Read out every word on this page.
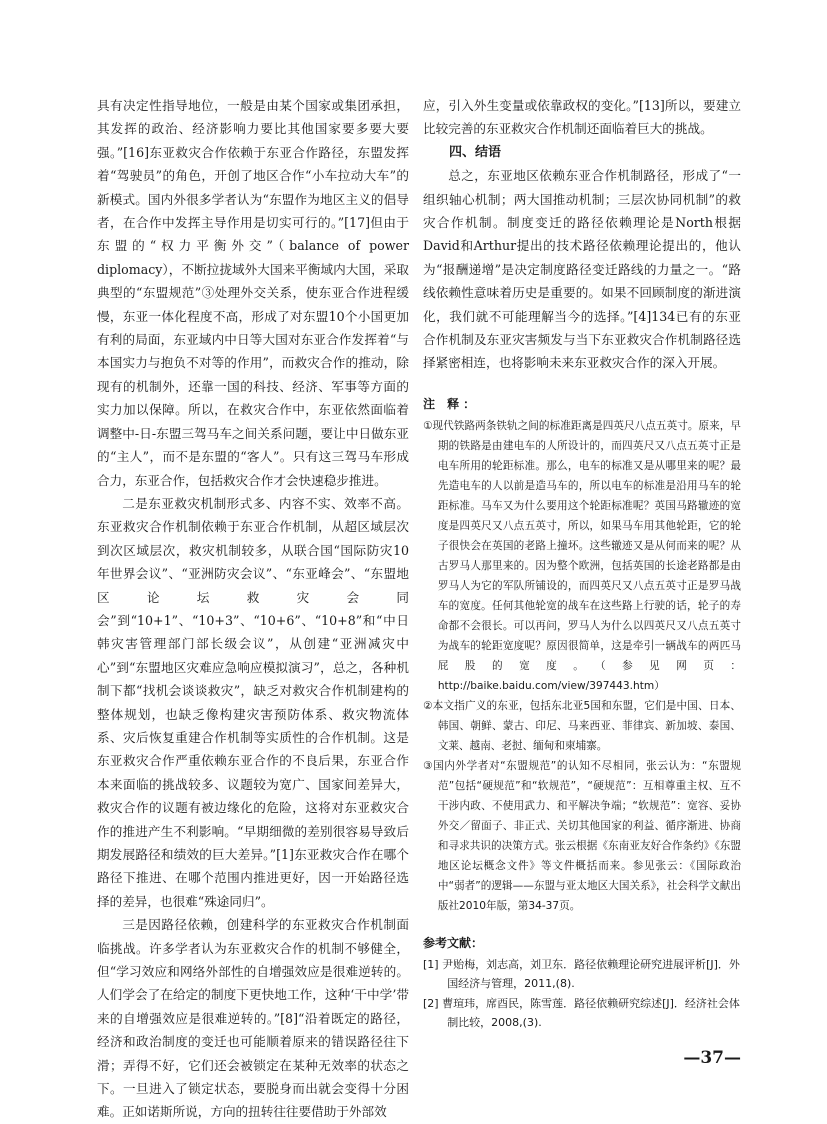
具有决定性指导地位，一般是由某个国家或集团承担，其发挥的政治、经济影响力要比其他国家要多要大要强。”[16]东亚救灾合作依赖于东亚合作路径，东盟发挥着“驾驶员”的角色，开创了地区合作“小车拉动大车”的新模式。国内外很多学者认为“东盟作为地区主义的倡导者，在合作中发挥主导作用是切实可行的。”[17]但由于东盟的“权力平衡外交”（balance of power diplomacy），不断拉拢域外大国来平衡域内大国，采取典型的“东盟规范”③处理外交关系，使东亚合作进程缓慢，东亚一体化程度不高，形成了对东盟10个小国更加有利的局面，东亚域内中日等大国对东亚合作发挥着“与本国实力与抱负不对等的作用”，而救灾合作的推动，除现有的机制外，还靠一国的科技、经济、军事等方面的实力加以保障。所以，在救灾合作中，东亚依然面临着调整中-日-东盟三驾马车之间关系问题，要让中日做东亚的“主人”，而不是东盟的“客人”。只有这三驾马车形成合力，东亚合作，包括救灾合作才会快速稳步推进。

二是东亚救灾机制形式多、内容不实、效率不高。东亚救灾合作机制依赖于东亚合作机制，从超区域层次到次区域层次，救灾机制较多，从联合国“国际防灾10年世界会议”、“亚洲防灾会议”、“东亚峰会”、“东盟地区论坛救灾会同会”到“10+1”、“10+3”、“10+6”、“10+8”和“中日韩灾害管理部门部长级会议”，从创建“亚洲减灾中心”到“东盟地区灾难应急响应模拟演习”，总之，各种机制下都“找机会谈谈救灾”，缺乏对救灾合作机制建构的整体规划，也缺乏像构建灾害预防体系、救灾物流体系、灾后恢复重建合作机制等实质性的合作机制。这是东亚救灾合作严重依赖东亚合作的不良后果，东亚合作本来面临的挑战较多、议题较为宽广、国家间差异大，救灾合作的议题有被边缘化的危险，这将对东亚救灾合作的推进产生不利影响。“早期细微的差别很容易导致后期发展路径和绩效的巨大差异。”[1]东亚救灾合作在哪个路径下推进、在哪个范围内推进更好，因一开始路径选择的差异，也很难“殊途同归”。

三是因路径依赖，创建科学的东亚救灾合作机制面临挑战。许多学者认为东亚救灾合作的机制不够健全，但“学习效应和网络外部性的自增强效应是很难逆转的。人们学会了在给定的制度下更快地工作，这种‘干中学’带来的自增强效应是很难逆转的。”[8]“沿着既定的路径，经济和政治制度的变迁也可能顺着原来的错误路径往下滑；弄得不好，它们还会被锁定在某种无效率的状态之下。一旦进入了锁定状态，要脱身而出就会变得十分困难。正如诺斯所说，方向的扭转往往要借助于外部效

应，引入外生变量或依靠政权的变化。”[13]所以，要建立比较完善的东亚救灾合作机制还面临着巨大的挑战。

四、结语

总之，东亚地区依赖东亚合作机制路径，形成了“一组织轴心机制；两大国推动机制；三层次协同机制”的救灾合作机制。制度变迁的路径依赖理论是North根据David和Arthur提出的技术路径依赖理论提出的，他认为“报酬递增”是决定制度路径变迁路线的力量之一。“路线依赖性意味着历史是重要的。如果不回顾制度的渐进演化，我们就不可能理解当今的选择。”[4]134已有的东亚合作机制及东亚灾害频发与当下东亚救灾合作机制路径选择紧密相连，也将影响未来东亚救灾合作的深入开展。

注 释：

①现代铁路两条铁轨之间的标准距离是四英尺八点五英寸。原来，早期的铁路是由建电车的人所设计的，而四英尺又八点五英寸正是电车所用的轮距标准。那么，电车的标准又是从哪里来的呢？最先造电车的人以前是造马车的，所以电车的标准是沿用马车的轮距标准。马车又为什么要用这个轮距标准呢？英国马路辙迹的宽度是四英尺又八点五英寸，所以，如果马车用其他轮距，它的轮子很快会在英国的老路上撞坏。这些辙迹又是从何而来的呢？从古罗马人那里来的。因为整个欧洲，包括英国的长途老路都是由罗马人为它的军队所铺设的，而四英尺又八点五英寸正是罗马战车的宽度。任何其他轮宽的战车在这些路上行驶的话，轮子的寿命都不会很长。可以再问，罗马人为什么以四英尺又八点五英寸为战车的轮距宽度呢？原因很简单，这是牵引一辆战车的两匹马屁股的宽度。（参见网页：http://baike.baidu.com/view/397443.htm）

②本文指广义的东亚，包括东北亚5国和东盟，它们是中国、日本、韩国、朝鲜、蒙古、印尼、马来西亚、菲律宾、新加坡、泰国、文莱、越南、老挝、缅甸和柬埔寨。

③国内外学者对“东盟规范”的认知不尽相同，张云认为：“东盟规范”包括“硬规范”和“软规范”，“硬规范”：互相尊重主权、互不干涉内政、不使用武力、和平解决争端；“软规范”：宽容、妥协外交／留面子、非正式、关切其他国家的利益、循序渐进、协商和寻求共识的决策方式。张云根据《东南亚友好合作条约》《东盟地区论坛概念文件》等文件概括而来。参见张云：《国际政治中“弱者”的逻辑——东盟与亚太地区大国关系》，社会科学文献出版社2010年版，第34-37页。

参考文献：

[1] 尹贻梅，刘志高，刘卫东．路径依赖理论研究进展评析[J]．外国经济与管理，2011,(8).

[2] 曹瑄玮，席酉民，陈雪莲．路径依赖研究综述[J]．经济社会体制比较，2008,(3).

—37—
